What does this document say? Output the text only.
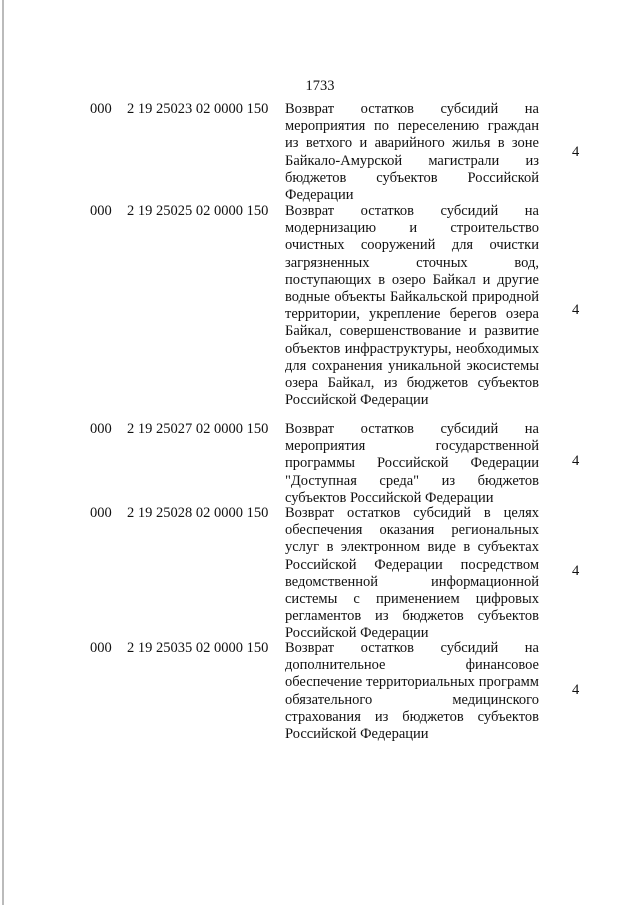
1733
000 2 19 25023 02 0000 150 Возврат остатков субсидий на мероприятия по переселению граждан из ветхого и аварийного жилья в зоне Байкало-Амурской магистрали из бюджетов субъектов Российской Федерации
4
000 2 19 25025 02 0000 150 Возврат остатков субсидий на модернизацию и строительство очистных сооружений для очистки загрязненных сточных вод, поступающих в озеро Байкал и другие водные объекты Байкальской природной территории, укрепление берегов озера Байкал, совершенствование и развитие объектов инфраструктуры, необходимых для сохранения уникальной экосистемы озера Байкал, из бюджетов субъектов Российской Федерации
4
000 2 19 25027 02 0000 150 Возврат остатков субсидий на мероприятия государственной программы Российской Федерации "Доступная среда" из бюджетов субъектов Российской Федерации
4
000 2 19 25028 02 0000 150 Возврат остатков субсидий в целях обеспечения оказания региональных услуг в электронном виде в субъектах Российской Федерации посредством ведомственной информационной системы с применением цифровых регламентов из бюджетов субъектов Российской Федерации
4
000 2 19 25035 02 0000 150 Возврат остатков субсидий на дополнительное финансовое обеспечение территориальных программ обязательного медицинского страхования из бюджетов субъектов Российской Федерации
4
